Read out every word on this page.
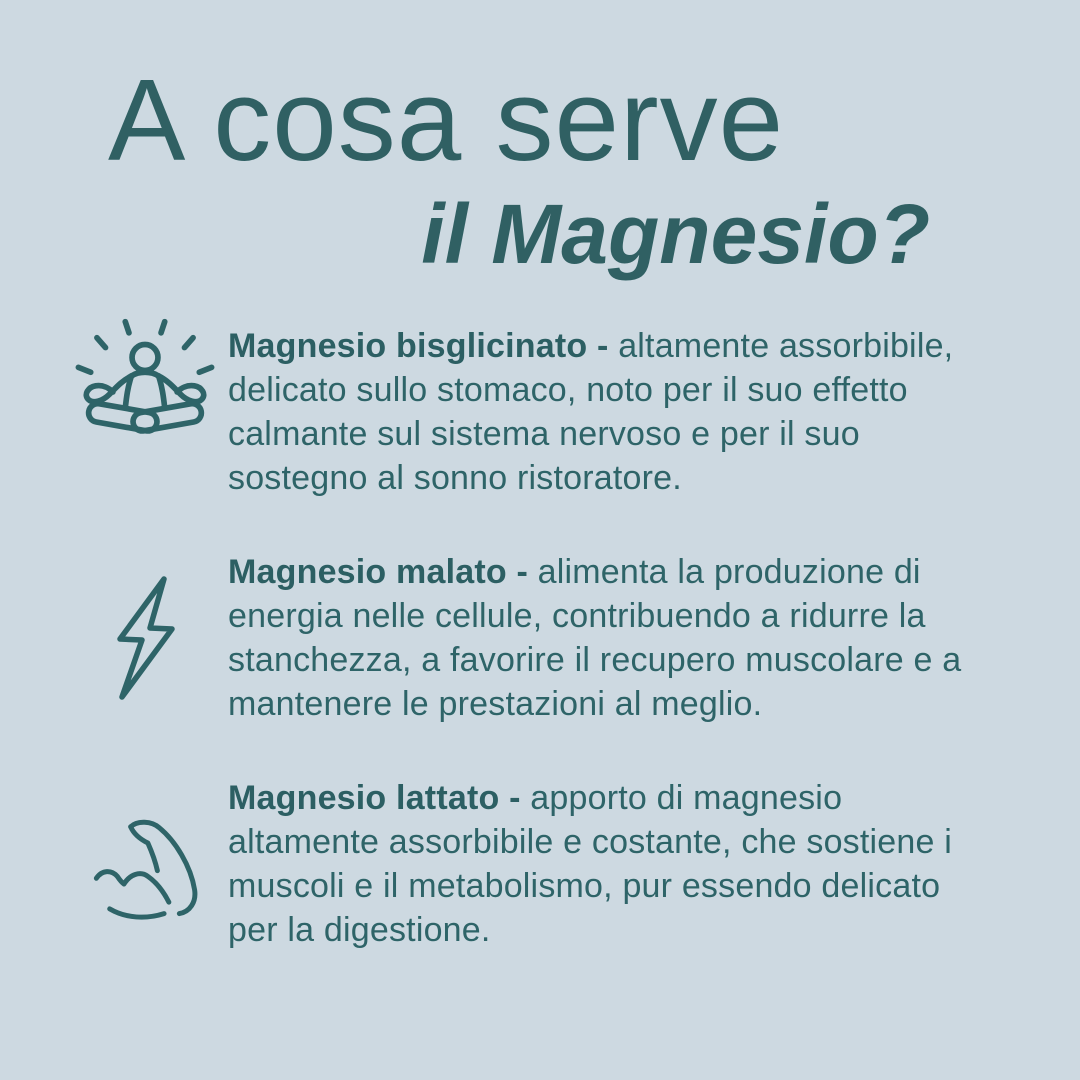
A cosa serve
il Magnesio?

Magnesio bisglicinato - altamente assorbibile, delicato sullo stomaco, noto per il suo effetto calmante sul sistema nervoso e per il suo sostegno al sonno ristoratore.

Magnesio malato - alimenta la produzione di energia nelle cellule, contribuendo a ridurre la stanchezza, a favorire il recupero muscolare e a mantenere le prestazioni al meglio.

Magnesio lattato - apporto di magnesio altamente assorbibile e costante, che sostiene i muscoli e il metabolismo, pur essendo delicato per la digestione.
